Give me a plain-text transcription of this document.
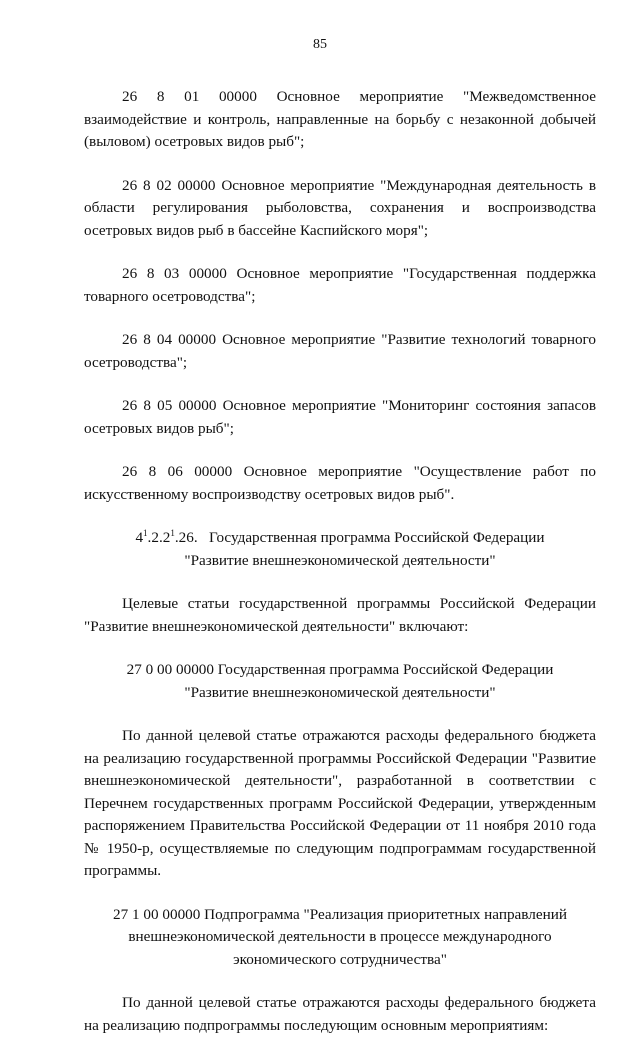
85

26 8 01 00000 Основное мероприятие "Межведомственное взаимодействие и контроль, направленные на борьбу с незаконной добычей (выловом) осетровых видов рыб";

26 8 02 00000 Основное мероприятие "Международная деятельность в области регулирования рыболовства, сохранения и воспроизводства осетровых видов рыб в бассейне Каспийского моря";

26 8 03 00000 Основное мероприятие "Государственная поддержка товарного осетроводства";

26 8 04 00000 Основное мероприятие "Развитие технологий товарного осетроводства";

26 8 05 00000 Основное мероприятие "Мониторинг состояния запасов осетровых видов рыб";

26 8 06 00000 Основное мероприятие "Осуществление работ по искусственному воспроизводству осетровых видов рыб".

$4^1.2.2^1.26$. Государственная программа Российской Федерации
"Развитие внешнеэкономической деятельности"

Целевые статьи государственной программы Российской Федерации "Развитие внешнеэкономической деятельности" включают:

27 0 00 00000 Государственная программа Российской Федерации
"Развитие внешнеэкономической деятельности"

По данной целевой статье отражаются расходы федерального бюджета на реализацию государственной программы Российской Федерации "Развитие внешнеэкономической деятельности", разработанной в соответствии с Перечнем государственных программ Российской Федерации, утвержденным распоряжением Правительства Российской Федерации от 11 ноября 2010 года № 1950-р, осуществляемые по следующим подпрограммам государственной программы.

27 1 00 00000 Подпрограмма "Реализация приоритетных направлений
внешнеэкономической деятельности в процессе международного
экономического сотрудничества"

По данной целевой статье отражаются расходы федерального бюджета на реализацию подпрограммы последующим основным мероприятиям:
